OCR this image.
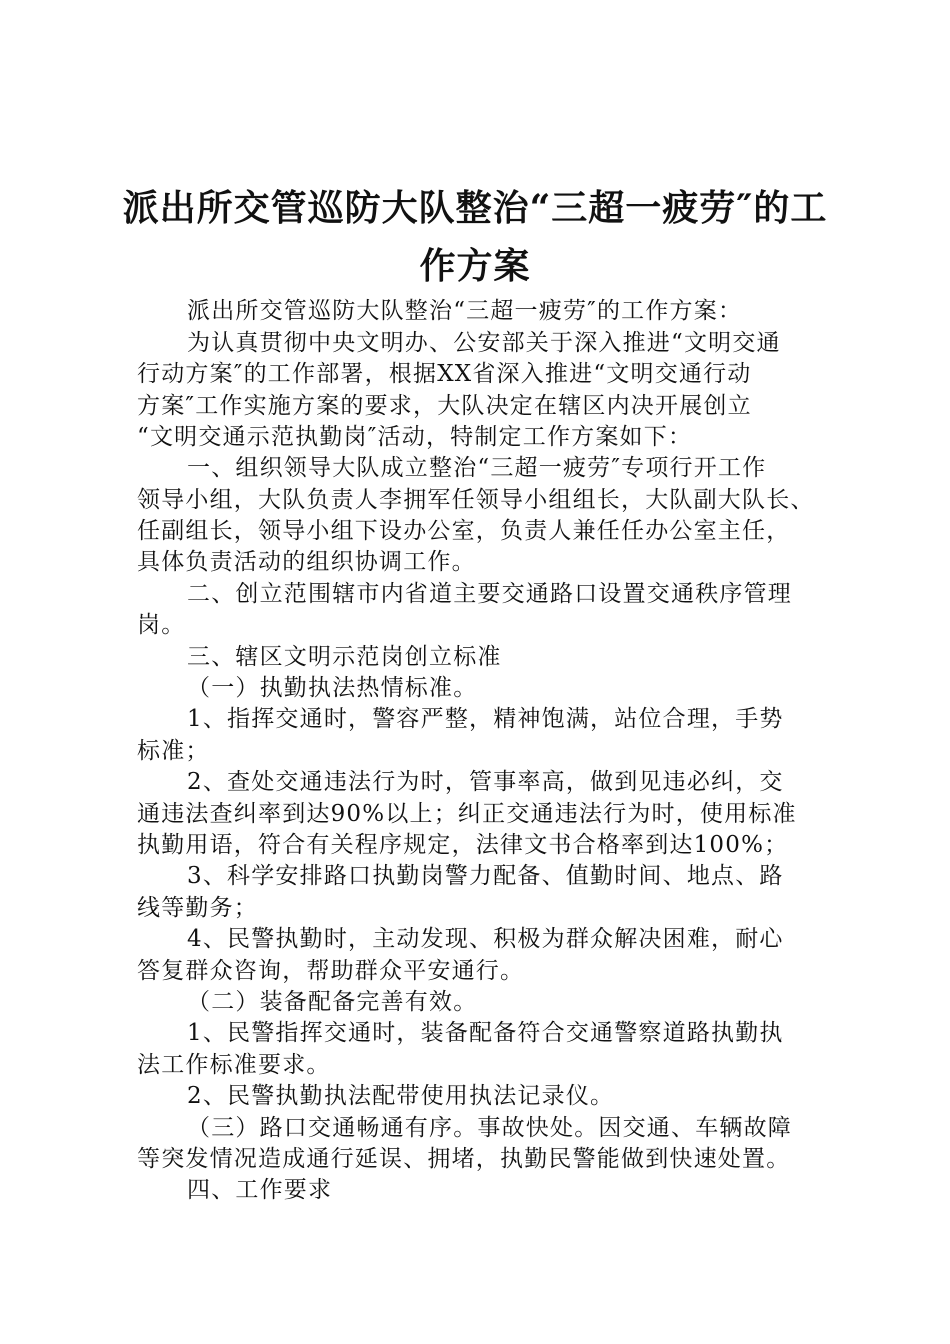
派出所交管巡防大队整治“三超一疲劳″的工
作方案

派出所交管巡防大队整治“三超一疲劳″的工作方案：

为认真贯彻中央文明办、公安部关于深入推进“文明交通

行动方案″的工作部署，根据XX省深入推进“文明交通行动

方案″工作实施方案的要求，大队决定在辖区内决开展创立

“文明交通示范执勤岗″活动，特制定工作方案如下：

一、组织领导大队成立整治“三超一疲劳″专项行开工作

领导小组，大队负责人李拥军任领导小组组长，大队副大队长、

任副组长，领导小组下设办公室，负责人兼任任办公室主任，

具体负责活动的组织协调工作。

二、创立范围辖市内省道主要交通路口设置交通秩序管理

岗。

三、辖区文明示范岗创立标准

（一）执勤执法热情标准。

1、指挥交通时，警容严整，精神饱满，站位合理，手势

标准；

2、查处交通违法行为时，管事率高，做到见违必纠，交

通违法查纠率到达90%以上；纠正交通违法行为时，使用标准

执勤用语，符合有关程序规定，法律文书合格率到达100%；

3、科学安排路口执勤岗警力配备、值勤时间、地点、路

线等勤务；

4、民警执勤时，主动发现、积极为群众解决困难，耐心

答复群众咨询，帮助群众平安通行。

（二）装备配备完善有效。

1、民警指挥交通时，装备配备符合交通警察道路执勤执

法工作标准要求。

2、民警执勤执法配带使用执法记录仪。

（三）路口交通畅通有序。事故快处。因交通、车辆故障

等突发情况造成通行延误、拥堵，执勤民警能做到快速处置。

四、工作要求
